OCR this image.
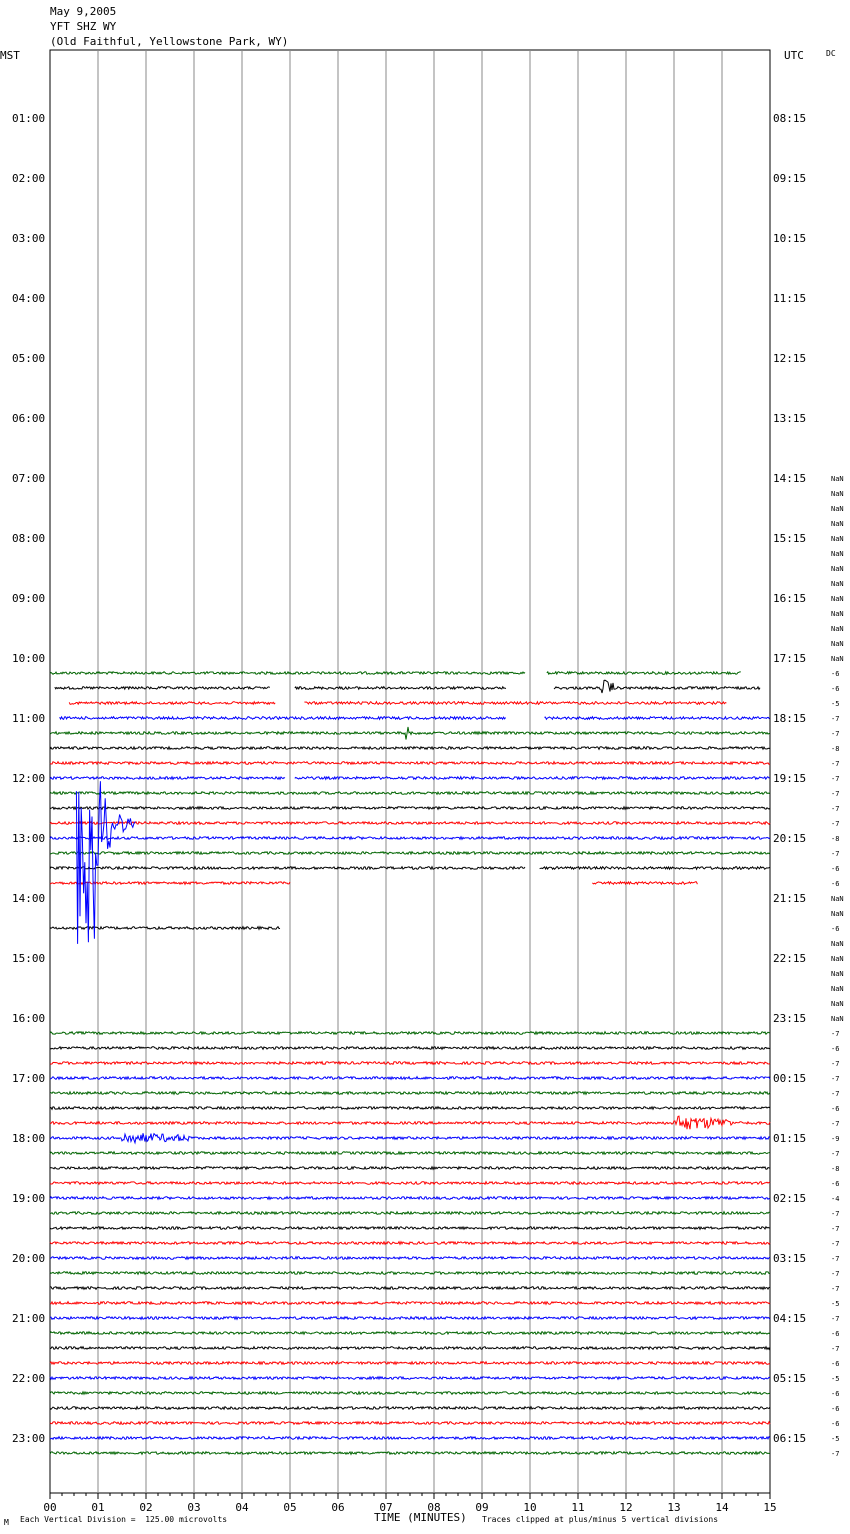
May 9,2005
YFT SHZ WY
(Old Faithful, Yellowstone Park, WY)
MST	UTC	DC
00	01	02	03	04	05	06	07	08	09	10	11	12	13	14	15
01:00	08:15
02:00	09:15
03:00	10:15
04:00	11:15
05:00	12:15
06:00	13:15
07:00	14:15
08:00	15:15
09:00	16:15
10:00	17:15
11:00	18:15
12:00	19:15
13:00	20:15
14:00	21:15
15:00	22:15
16:00	23:15
17:00	00:15
18:00	01:15
19:00	02:15
20:00	03:15
21:00	04:15
22:00	05:15
23:00	06:15
NaN
NaN
NaN
NaN
NaN
NaN
NaN
NaN
NaN
NaN
NaN
NaN
NaN
-6
-6
-5
-7
-7
-8
-7
-7
-7
-7
-7
-8
-7
-6
-6
NaN
NaN
-6
NaN
NaN
NaN
NaN
NaN
NaN
-7
-6
-7
-7
-7
-6
-7
-9
-7
-8
-6
-4
-7
-7
-7
-7
-7
-7
-5
-7
-6
-7
-6
-5
-6
-6
-6
-5
-7
M Each Vertical Division =  125.00 microvolts	TIME (MINUTES) Traces clipped at plus/minus 5 vertical divisions
